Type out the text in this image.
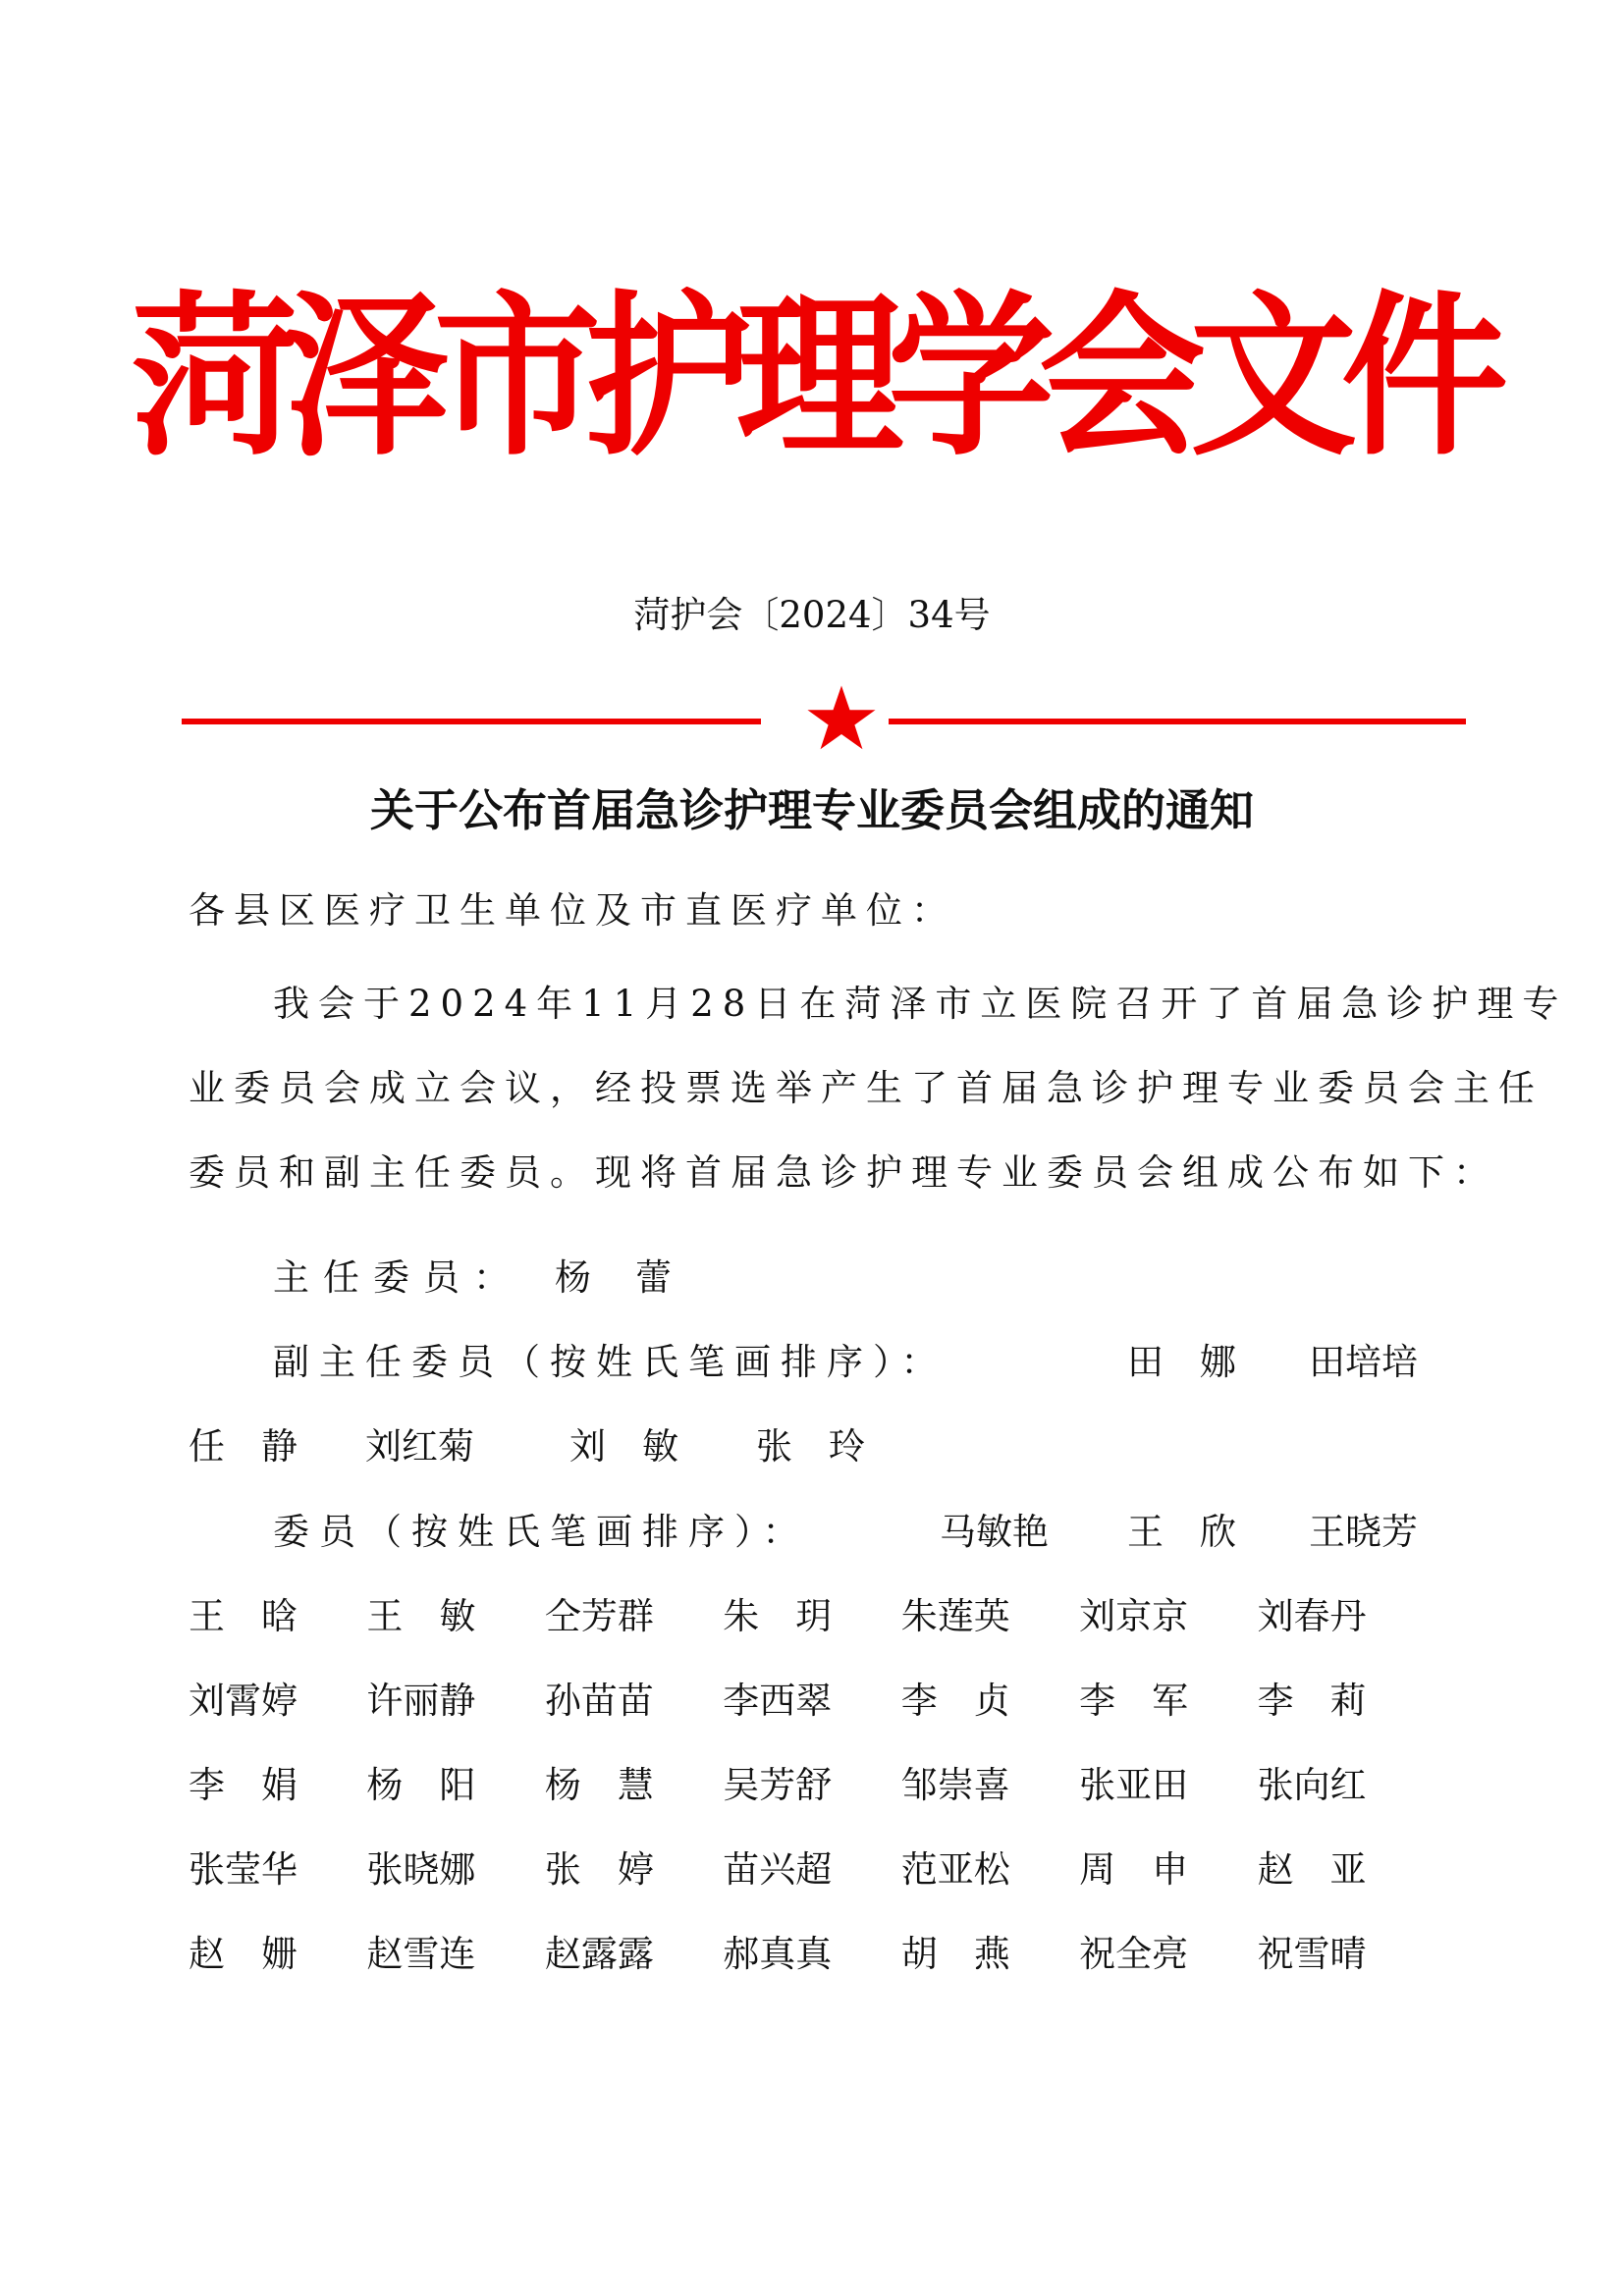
菏泽市护理学会文件
菏护会〔2024〕34号
关于公布首届急诊护理专业委员会组成的通知
各县区医疗卫生单位及市直医疗单位：
我会于2024年11月28日在菏泽市立医院召开了首届急诊护理专
业委员会成立会议，经投票选举产生了首届急诊护理专业委员会主任
委员和副主任委员。现将首届急诊护理专业委员会组成公布如下：
主任委员： 杨　蕾
副主任委员（按姓氏笔画排序）：	田　娜 田培培
任　静 刘红菊	刘　敏 张　玲
委员（按姓氏笔画排序）：	马敏艳 王　欣 王晓芳
王　晗	王　敏	仝芳群	朱　玥	朱莲英	刘京京	刘春丹
刘霄婷	许丽静	孙苗苗	李西翠	李　贞	李　军	李　莉
李　娟	杨　阳	杨　慧	吴芳舒	邹崇喜	张亚田	张向红
张莹华	张晓娜	张　婷	苗兴超	范亚松	周　申	赵　亚
赵　姗	赵雪连	赵露露	郝真真	胡　燕	祝全亮	祝雪晴
